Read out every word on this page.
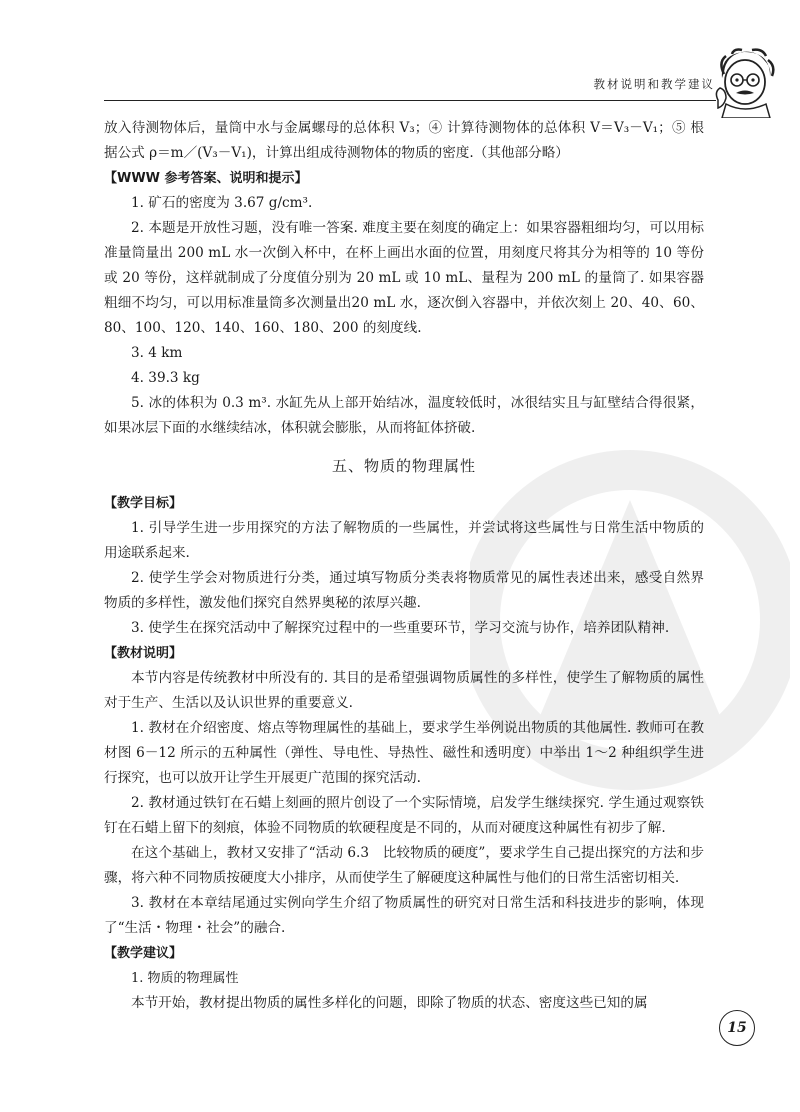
教材说明和教学建议

放入待测物体后，量筒中水与金属螺母的总体积 V₃；④ 计算待测物体的总体积 V＝V₃－V₁；⑤ 根据公式 ρ＝m／(V₃－V₁)，计算出组成待测物体的物质的密度.（其他部分略）

【WWW 参考答案、说明和提示】

1. 矿石的密度为 3.67 g/cm³.

2. 本题是开放性习题，没有唯一答案. 难度主要在刻度的确定上：如果容器粗细均匀，可以用标准量筒量出 200 mL 水一次倒入杯中，在杯上画出水面的位置，用刻度尺将其分为相等的 10 等份或 20 等份，这样就制成了分度值分别为 20 mL 或 10 mL、量程为 200 mL 的量筒了. 如果容器粗细不均匀，可以用标准量筒多次测量出20 mL 水，逐次倒入容器中，并依次刻上 20、40、60、80、100、120、140、160、180、200 的刻度线.

3. 4 km

4. 39.3 kg

5. 冰的体积为 0.3 m³. 水缸先从上部开始结冰，温度较低时，冰很结实且与缸壁结合得很紧，如果冰层下面的水继续结冰，体积就会膨胀，从而将缸体挤破.

五、物质的物理属性

【教学目标】

1. 引导学生进一步用探究的方法了解物质的一些属性，并尝试将这些属性与日常生活中物质的用途联系起来.

2. 使学生学会对物质进行分类，通过填写物质分类表将物质常见的属性表述出来，感受自然界物质的多样性，激发他们探究自然界奥秘的浓厚兴趣.

3. 使学生在探究活动中了解探究过程中的一些重要环节，学习交流与协作，培养团队精神.

【教材说明】

本节内容是传统教材中所没有的. 其目的是希望强调物质属性的多样性，使学生了解物质的属性对于生产、生活以及认识世界的重要意义.

1. 教材在介绍密度、熔点等物理属性的基础上，要求学生举例说出物质的其他属性. 教师可在教材图 6－12 所示的五种属性（弹性、导电性、导热性、磁性和透明度）中举出 1～2 种组织学生进行探究，也可以放开让学生开展更广范围的探究活动.

2. 教材通过铁钉在石蜡上刻画的照片创设了一个实际情境，启发学生继续探究. 学生通过观察铁钉在石蜡上留下的刻痕，体验不同物质的软硬程度是不同的，从而对硬度这种属性有初步了解.

在这个基础上，教材又安排了“活动 6.3　比较物质的硬度”，要求学生自己提出探究的方法和步骤，将六种不同物质按硬度大小排序，从而使学生了解硬度这种属性与他们的日常生活密切相关.

3. 教材在本章结尾通过实例向学生介绍了物质属性的研究对日常生活和科技进步的影响，体现了“生活・物理・社会”的融合.

【教学建议】

1. 物质的物理属性

本节开始，教材提出物质的属性多样化的问题，即除了物质的状态、密度这些已知的属

15
